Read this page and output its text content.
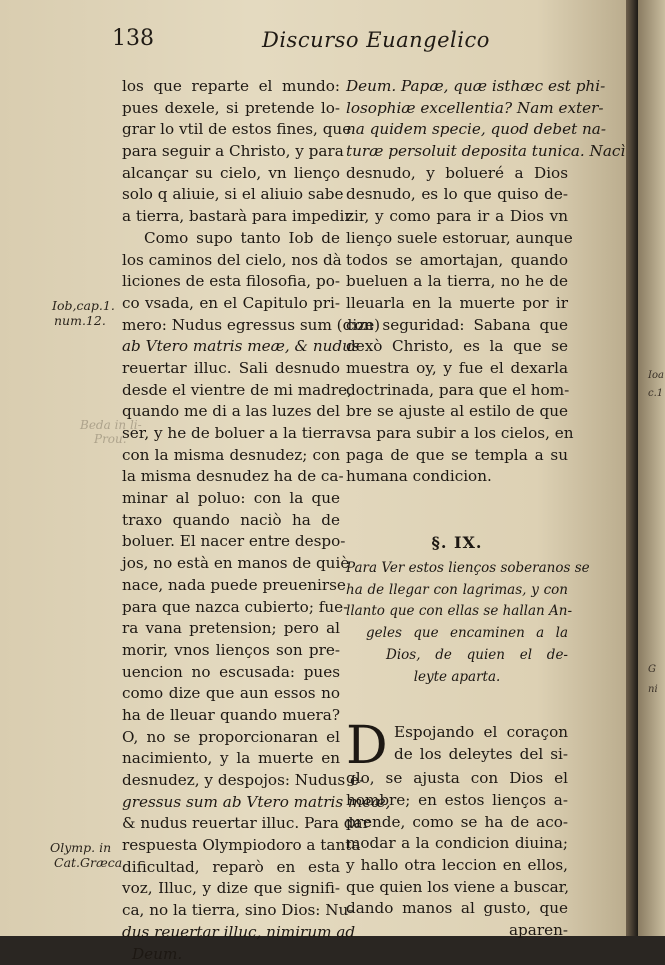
138	Discurso Euangelico
los que reparte el mundo:
pues dexele, si pretende lo-
grar lo vtil de estos fines, que
para seguir a Christo, y para
alcançar su cielo, vn lienço
solo q aliuie, si el aliuio sabe
a tierra, bastarà para impedir.
Como supo tanto Iob de
los caminos del cielo, nos dà
liciones de esta filosofia, po-
co vsada, en el Capitulo pri-
mero: Nudus egressus sum (dize)
ab Vtero matris meæ, & nudus
reuertar illuc. Sali desnudo
desde el vientre de mi madre,
quando me di a las luzes del
ser, y he de boluer a la tierra
con la misma desnudez; con
la misma desnudez ha de ca-
minar al poluo: con la que
traxo quando naciò ha de
boluer. El nacer entre despo-
jos, no està en manos de quiè
nace, nada puede preuenirse
para que nazca cubierto; fue-
ra vana pretension; pero al
morir, vnos lienços son pre-
uencion no escusada: pues
como dize que aun essos no
ha de lleuar quando muera?
O, no se proporcionaran el
nacimiento, y la muerte en
desnudez, y despojos: Nudus e-
gressus sum ab Vtero matris meæ,
& nudus reuertar illuc. Para dar
respuesta Olympiodoro a tanta
dificultad, reparò en esta
voz, Illuc, y dize que signifi-
ca, no la tierra, sino Dios: Nu-
dus reuertar illuc, nimirum ad
Deum.
Deum. Papæ, quæ isthæc est phi-
losophiæ excellentia? Nam exter-
na quidem specie, quod debet na-
turæ persoluit deposita tunica. Nacì
desnudo, y bolueré a Dios
desnudo, es lo que quiso de-
zir, y como para ir a Dios vn
lienço suele estoruar, aunque
todos se amortajan, quando
bueluen a la tierra, no he de
lleuarla en la muerte por ir
con seguridad: Sabana que
dexò Christo, es la que se
muestra oy, y fue el dexarla
doctrinada, para que el hom-
bre se ajuste al estilo de que
vsa para subir a los cielos, en
paga de que se templa a su
humana condicion.
§. IX.
Para Ver estos lienços soberanos se
ha de llegar con lagrimas, y con
llanto que con ellas se hallan An-
geles que encaminen a la
Dios, de quien el de-
leyte aparta.
D Espojando el coraçon
de los deleytes del si-
glo, se ajusta con Dios el
hombre; en estos lienços a-
prende, como se ha de aco-
modar a la condicion diuina;
y hallo otra leccion en ellos,
que quien los viene a buscar,
dando manos al gusto, que
aparen-
Iob,cap.1.
num.12.
Olymp. in
Cat.Græca.
Beda in li-
Prou.
Ioa
c.1
G
ni
